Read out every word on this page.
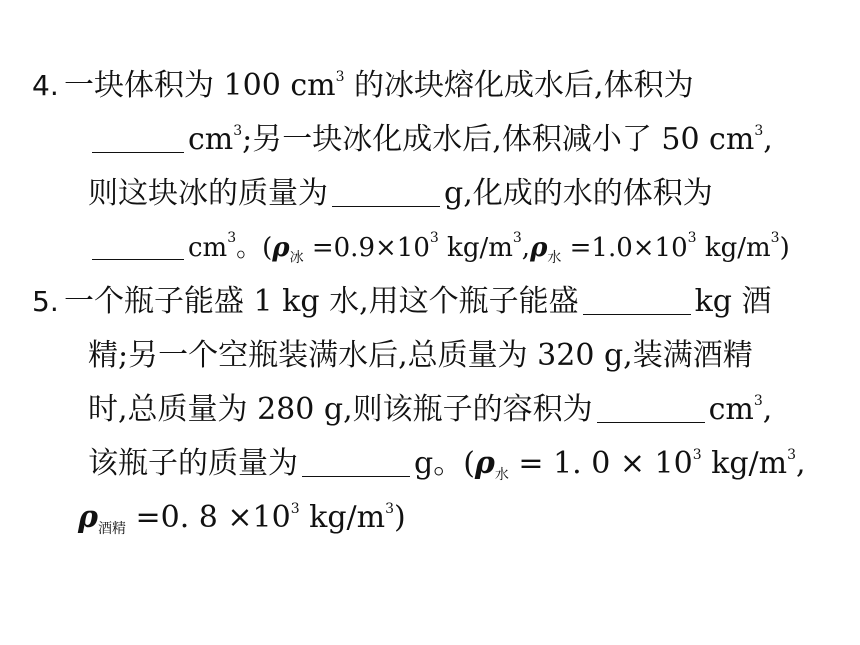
4. 一块体积为 100 $cm^3$ 的冰块熔化成水后,体积为
$cm^3$;另一块冰化成水后,体积减小了 50 $cm^3$,
则这块冰的质量为	g,化成的水的体积为
$cm^3$。($\rho_冰 =0.9\times 10^3$ $kg/m^3,\rho_水 =1.0\times 10^3$ $kg/m^3$)
5. 一个瓶子能盛 1 kg 水,用这个瓶子能盛	kg 酒
精;另一个空瓶装满水后,总质量为 320 g,装满酒精
时,总质量为 280 g,则该瓶子的容积为	$cm^3$,
该瓶子的质量为	g。($\rho_水 = 1$. $0 \times 10^3$ $kg/m^3$,
$\rho_{酒精} =0$. $8 \times 10^3$ $kg/m^3$)
